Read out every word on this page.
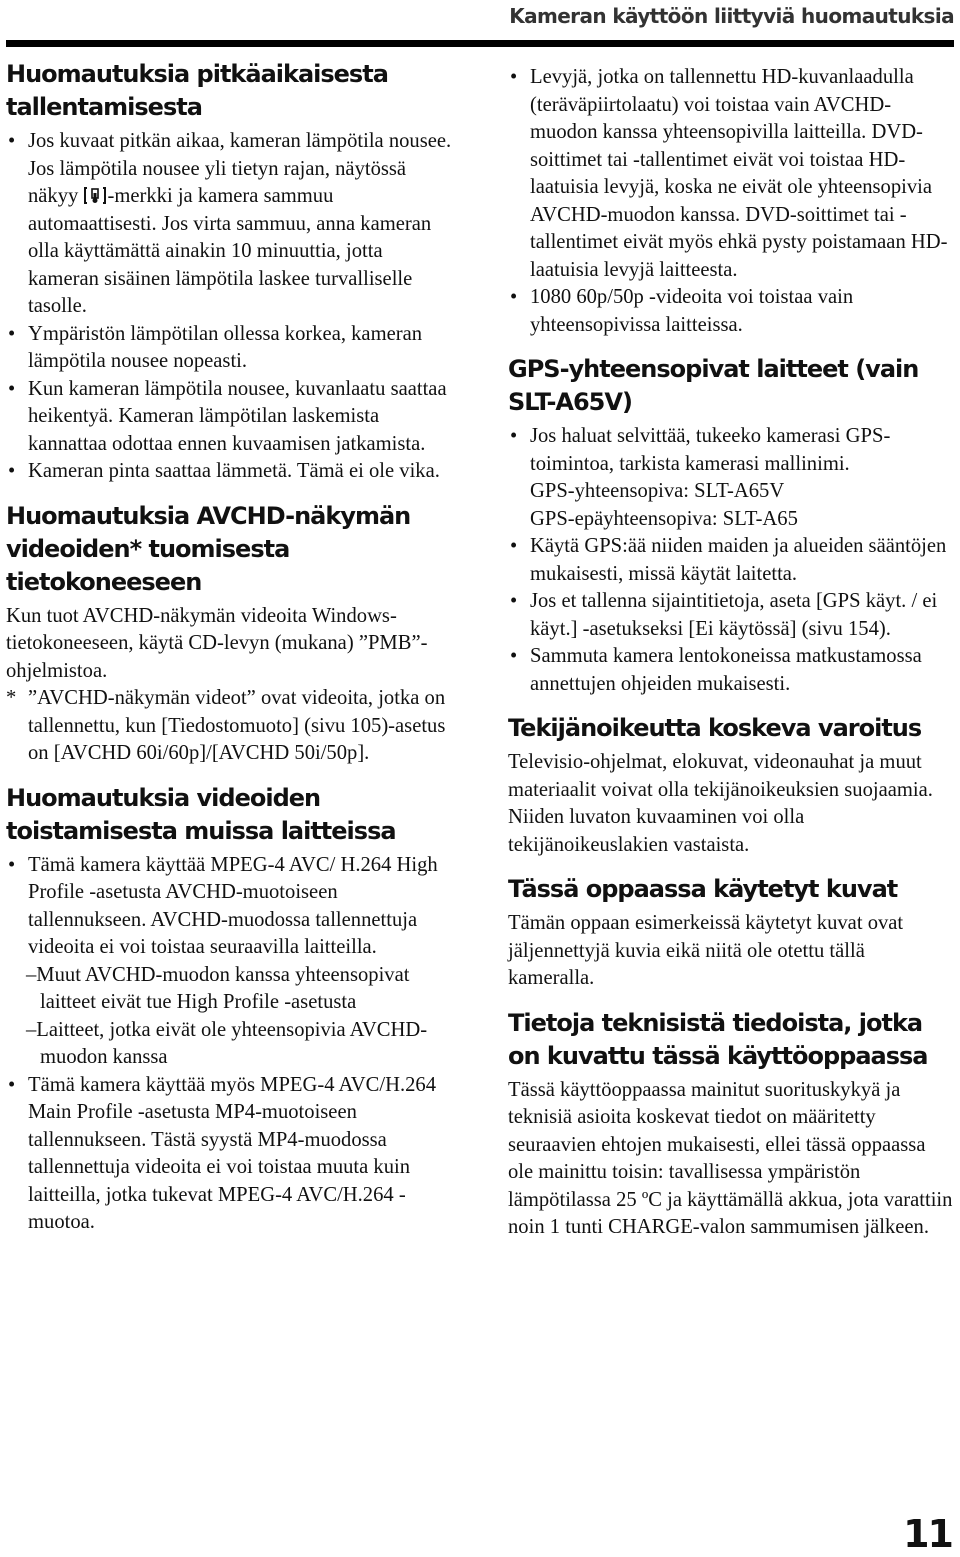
Kameran käyttöön liittyviä huomautuksia
Huomautuksia pitkäaikaisesta tallentamisesta
• Jos kuvaat pitkän aikaa, kameran lämpötila nousee. Jos lämpötila nousee yli tietyn rajan, näytössä näkyy -merkki ja kamera sammuu automaattisesti. Jos virta sammuu, anna kameran olla käyttämättä ainakin 10 minuuttia, jotta kameran sisäinen lämpötila laskee turvalliselle tasolle.
• Ympäristön lämpötilan ollessa korkea, kameran lämpötila nousee nopeasti.
• Kun kameran lämpötila nousee, kuvanlaatu saattaa heikentyä. Kameran lämpötilan laskemista kannattaa odottaa ennen kuvaamisen jatkamista.
• Kameran pinta saattaa lämmetä. Tämä ei ole vika.
Huomautuksia AVCHD-näkymän videoiden* tuomisesta tietokoneeseen

Kun tuot AVCHD-näkymän videoita Windows-tietokoneeseen, käytä CD-levyn (mukana) ”PMB”-ohjelmistoa.

* ”AVCHD-näkymän videot” ovat videoita, jotka on tallennettu, kun [Tiedostomuoto] (sivu 105)-asetus on [AVCHD 60i/60p]/[AVCHD 50i/50p].

Huomautuksia videoiden toistamisesta muissa laitteissa
• Tämä kamera käyttää MPEG-4 AVC/ H.264 High Profile -asetusta AVCHD-muotoiseen tallennukseen. AVCHD-muodossa tallennettuja videoita ei voi toistaa seuraavilla laitteilla.
–Muut AVCHD-muodon kanssa yhteensopivat laitteet eivät tue High Profile -asetusta
–Laitteet, jotka eivät ole yhteensopivia AVCHD-muodon kanssa
• Tämä kamera käyttää myös MPEG-4 AVC/H.264 Main Profile -asetusta MP4-muotoiseen tallennukseen. Tästä syystä MP4-muodossa tallennettuja videoita ei voi toistaa muuta kuin laitteilla, jotka tukevat MPEG-4 AVC/H.264 -muotoa.
• Levyjä, jotka on tallennettu HD-kuvanlaadulla (teräväpiirtolaatu) voi toistaa vain AVCHD-muodon kanssa yhteensopivilla laitteilla. DVD-soittimet tai -tallentimet eivät voi toistaa HD-laatuisia levyjä, koska ne eivät ole yhteensopivia AVCHD-muodon kanssa. DVD-soittimet tai -tallentimet eivät myös ehkä pysty poistamaan HD-laatuisia levyjä laitteesta.
• 1080 60p/50p -videoita voi toistaa vain yhteensopivissa laitteissa.
GPS-yhteensopivat laitteet (vain SLT-A65V)
• Jos haluat selvittää, tukeeko kamerasi GPS-toimintoa, tarkista kamerasi mallinimi.
GPS-yhteensopiva: SLT-A65V
GPS-epäyhteensopiva: SLT-A65
• Käytä GPS:ää niiden maiden ja alueiden sääntöjen mukaisesti, missä käytät laitetta.
• Jos et tallenna sijaintitietoja, aseta [GPS käyt. / ei käyt.] -asetukseksi [Ei käytössä] (sivu 154).
• Sammuta kamera lentokoneissa matkustamossa annettujen ohjeiden mukaisesti.
Tekijänoikeutta koskeva varoitus

Televisio-ohjelmat, elokuvat, videonauhat ja muut materiaalit voivat olla tekijänoikeuksien suojaamia. Niiden luvaton kuvaaminen voi olla tekijänoikeuslakien vastaista.

Tässä oppaassa käytetyt kuvat

Tämän oppaan esimerkeissä käytetyt kuvat ovat jäljennettyjä kuvia eikä niitä ole otettu tällä kameralla.

Tietoja teknisistä tiedoista, jotka on kuvattu tässä käyttöoppaassa

Tässä käyttöoppaassa mainitut suorituskykyä ja teknisiä asioita koskevat tiedot on määritetty seuraavien ehtojen mukaisesti, ellei tässä oppaassa ole mainittu toisin: tavallisessa ympäristön lämpötilassa 25 ºC ja käyttämällä akkua, jota varattiin noin 1 tunti CHARGE-valon sammumisen jälkeen.

11
